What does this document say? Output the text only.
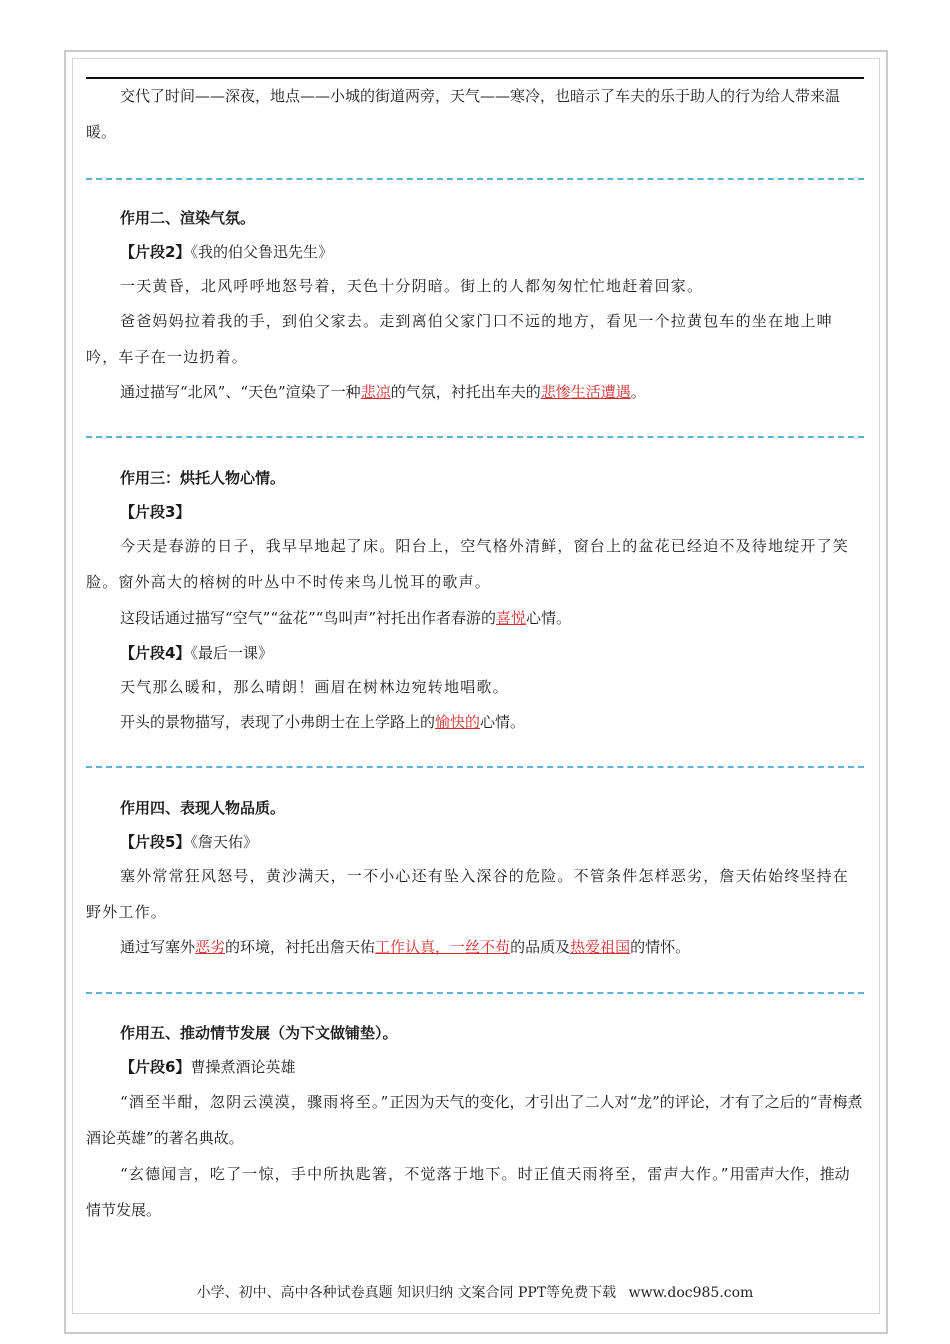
交代了时间——深夜，地点——小城的街道两旁，天气——寒冷，也暗示了车夫的乐于助人的行为给人带来温暖。

作用二、渲染气氛。

【片段2】《我的伯父鲁迅先生》

一天黄昏，北风呼呼地怒号着，天色十分阴暗。街上的人都匆匆忙忙地赶着回家。

爸爸妈妈拉着我的手，到伯父家去。走到离伯父家门口不远的地方，看见一个拉黄包车的坐在地上呻吟，车子在一边扔着。

通过描写“北风”、“天色”渲染了一种悲凉的气氛，衬托出车夫的悲惨生活遭遇。

作用三：烘托人物心情。

【片段3】

今天是春游的日子，我早早地起了床。阳台上，空气格外清鲜，窗台上的盆花已经迫不及待地绽开了笑脸。窗外高大的榕树的叶丛中不时传来鸟儿悦耳的歌声。

这段话通过描写“空气”“盆花”“鸟叫声”衬托出作者春游的喜悦心情。

【片段4】《最后一课》

天气那么暖和，那么晴朗！画眉在树林边宛转地唱歌。

开头的景物描写，表现了小弗朗士在上学路上的愉快的心情。

作用四、表现人物品质。

【片段5】《詹天佑》

塞外常常狂风怒号，黄沙满天，一不小心还有坠入深谷的危险。不管条件怎样恶劣，詹天佑始终坚持在野外工作。

通过写塞外恶劣的环境，衬托出詹天佑工作认真，一丝不苟的品质及热爱祖国的情怀。

作用五、推动情节发展（为下文做铺垫）。

【片段6】曹操煮酒论英雄

“酒至半酣，忽阴云漠漠，骤雨将至。”正因为天气的变化，才引出了二人对“龙”的评论，才有了之后的“青梅煮酒论英雄”的著名典故。

“玄德闻言，吃了一惊，手中所执匙箸，不觉落于地下。时正值天雨将至，雷声大作。”用雷声大作，推动情节发展。

小学、初中、高中各种试卷真题 知识归纳 文案合同 PPT等免费下载 www.doc985.com
